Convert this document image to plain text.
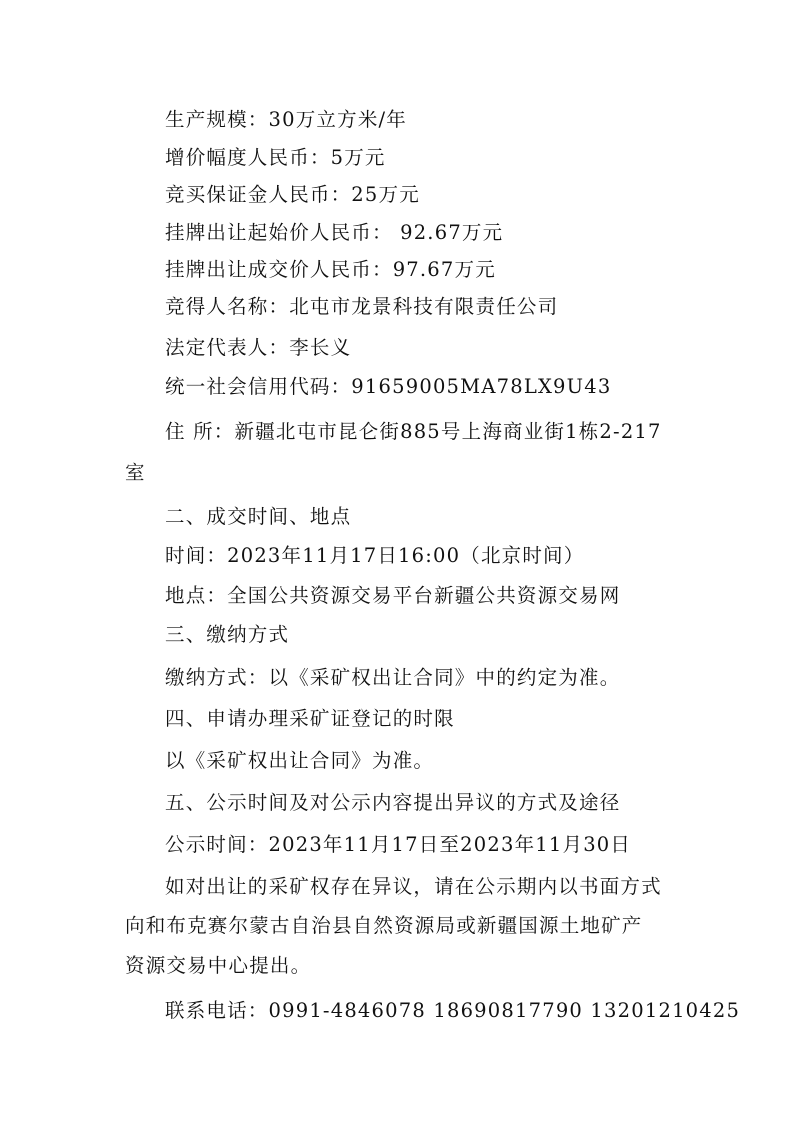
生产规模：30万立方米/年

增价幅度人民币：5万元

竞买保证金人民币：25万元

挂牌出让起始价人民币： 92.67万元

挂牌出让成交价人民币：97.67万元

竞得人名称：北屯市龙景科技有限责任公司

法定代表人：李长义

统一社会信用代码：91659005MA78LX9U43

住 所：新疆北屯市昆仑街885号上海商业街1栋2-217

室

二、成交时间、地点

时间：2023年11月17日16:00（北京时间）

地点：全国公共资源交易平台新疆公共资源交易网

三、缴纳方式

缴纳方式：以《采矿权出让合同》中的约定为准。

四、申请办理采矿证登记的时限

以《采矿权出让合同》为准。

五、公示时间及对公示内容提出异议的方式及途径

公示时间：2023年11月17日至2023年11月30日

如对出让的采矿权存在异议，请在公示期内以书面方式

向和布克赛尔蒙古自治县自然资源局或新疆国源土地矿产

资源交易中心提出。

联系电话：0991-4846078 18690817790 13201210425
